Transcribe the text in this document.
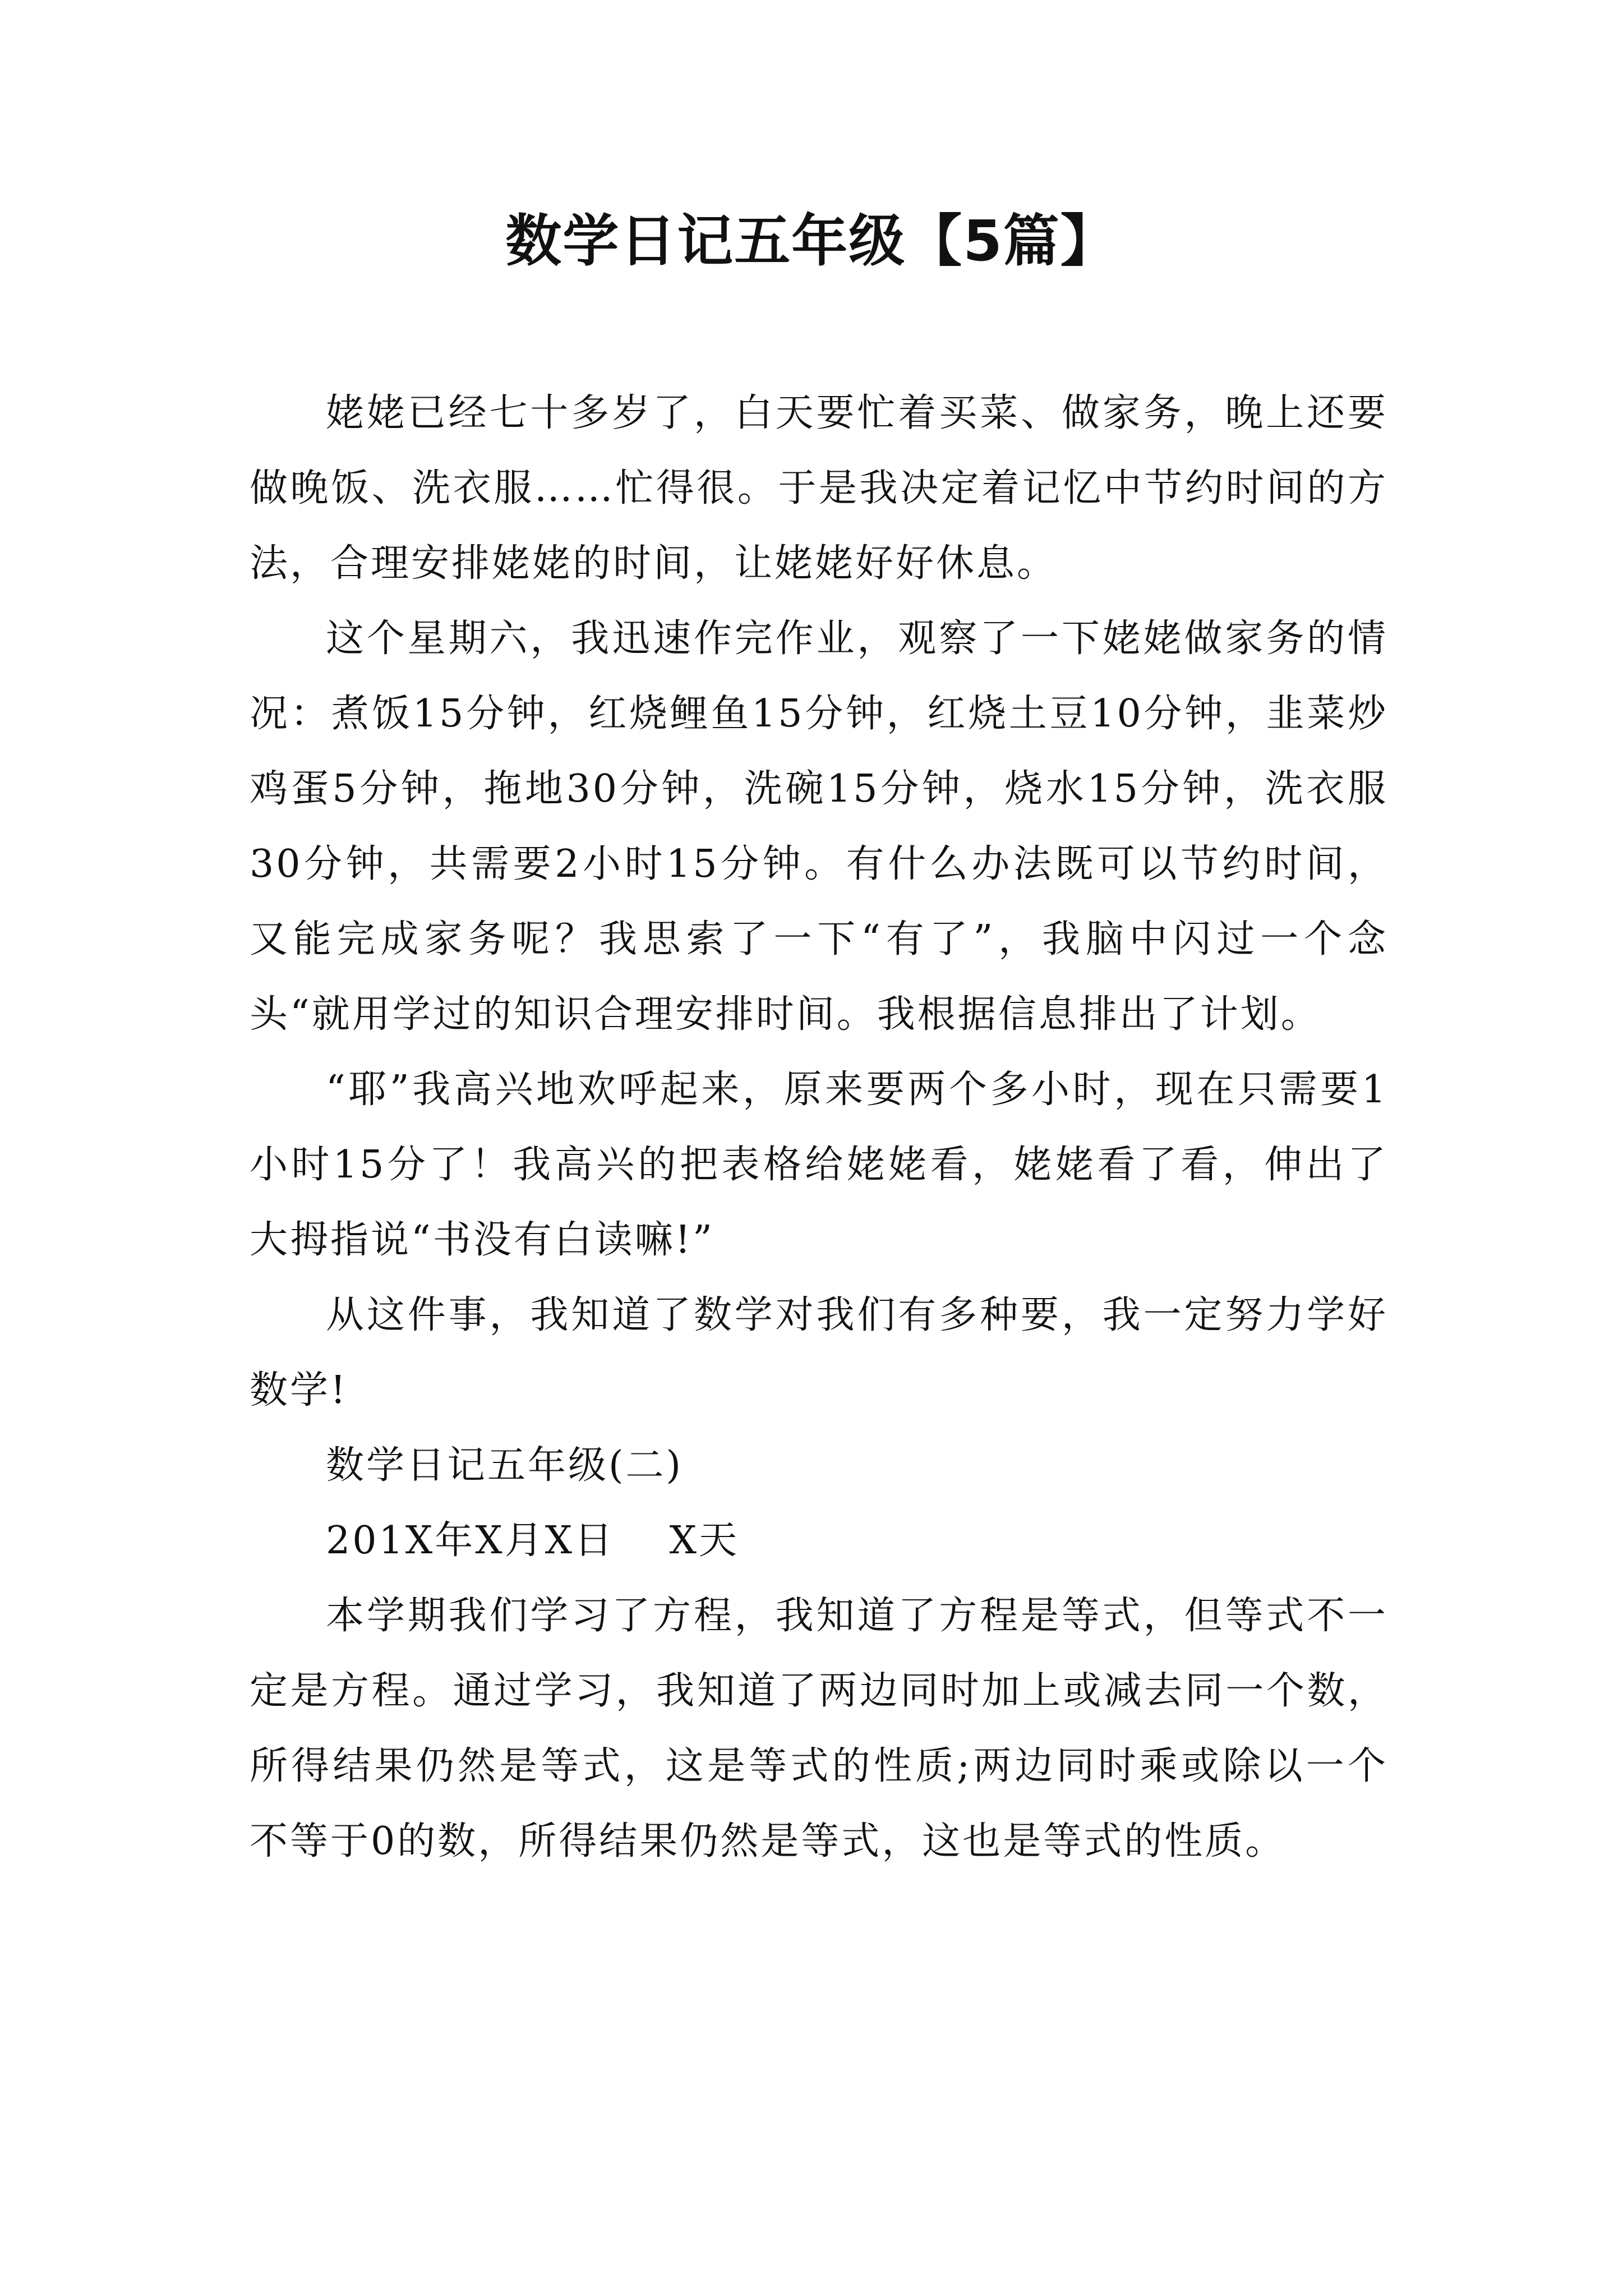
数学日记五年级【5篇】

姥姥已经七十多岁了，白天要忙着买菜、做家务，晚上还要做晚饭、洗衣服……忙得很。于是我决定着记忆中节约时间的方法，合理安排姥姥的时间，让姥姥好好休息。

这个星期六，我迅速作完作业，观察了一下姥姥做家务的情况：煮饭15分钟，红烧鲤鱼15分钟，红烧土豆10分钟，韭菜炒鸡蛋5分钟，拖地30分钟，洗碗15分钟，烧水15分钟，洗衣服30分钟，共需要2小时15分钟。有什么办法既可以节约时间，又能完成家务呢？我思索了一下“有了”，我脑中闪过一个念头“就用学过的知识合理安排时间。我根据信息排出了计划。

“耶”我高兴地欢呼起来，原来要两个多小时，现在只需要1小时15分了！我高兴的把表格给姥姥看，姥姥看了看，伸出了大拇指说“书没有白读嘛!”

从这件事，我知道了数学对我们有多种要，我一定努力学好数学!

数学日记五年级(二)

201X年X月X日　 X天

本学期我们学习了方程，我知道了方程是等式，但等式不一定是方程。通过学习，我知道了两边同时加上或减去同一个数，所得结果仍然是等式，这是等式的性质;两边同时乘或除以一个不等于0的数，所得结果仍然是等式，这也是等式的性质。
